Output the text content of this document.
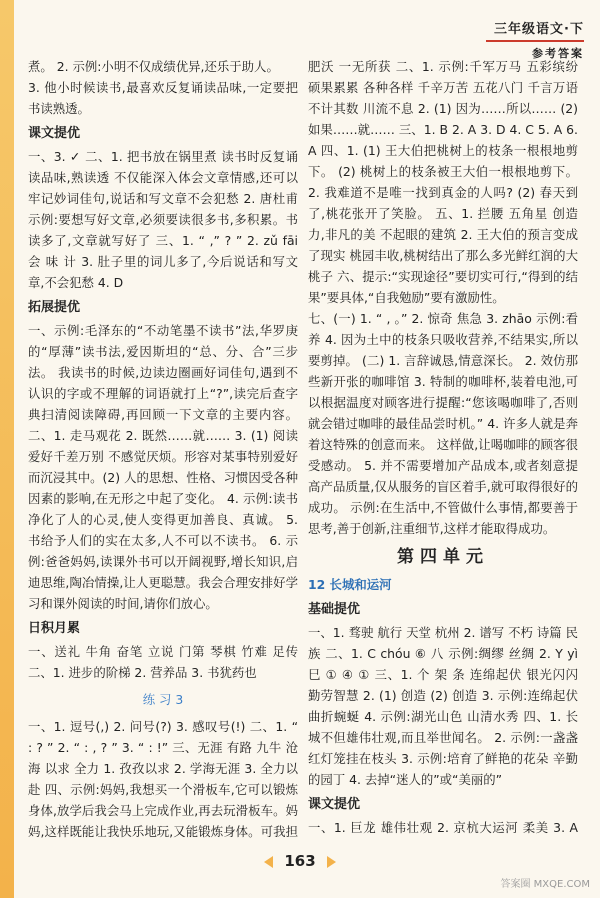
三年级语文·下
参考答案

煮。 2. 示例:小明不仅成绩优异,还乐于助人。

3. 他小时候读书,最喜欢反复诵读品味,一定要把书读熟透。

课文提优

一、3. ✓ 二、1. 把书放在锅里煮 读书时反复诵读品味,熟读透 不仅能深入体会文章情感,还可以牢记妙词佳句,说话和写文章不会犯愁 2. 唐杜甫 示例:要想写好文章,必须要读很多书,多积累。书读多了,文章就写好了 三、1. “ ,” ? ” 2. zǔ fāi 会 味 计 3. 肚子里的词儿多了,今后说话和写文章,不会犯愁 4. D

拓展提优

一、示例:毛泽东的“不动笔墨不读书”法,华罗庚的“厚薄”读书法,爱因斯坦的“总、分、合”三步法。 我读书的时候,边读边圈画好词佳句,遇到不认识的字或不理解的词语就打上“?”,读完后查字典扫清阅读障碍,再回顾一下文章的主要内容。 二、1. 走马观花 2. 既然……就…… 3. (1) 阅读爱好千差万别 不感觉厌烦。形容对某事特别爱好而沉浸其中。(2) 人的思想、性格、习惯因受各种因素的影响,在无形之中起了变化。 4. 示例:读书净化了人的心灵,使人变得更加善良、真诚。 5. 书给予人们的实在太多,人不可以不读书。 6. 示例:爸爸妈妈,读课外书可以开阔视野,增长知识,启迪思维,陶冶情操,让人更聪慧。我会合理安排好学习和课外阅读的时间,请你们放心。

日积月累

一、送礼 牛角 奋笔 立说 门第 琴棋 竹难 足传 二、1. 进步的阶梯 2. 营养品 3. 书犹药也

练 习 3

一、1. 逗号(,) 2. 问号(?) 3. 感叹号(!) 二、1. “ : ? ” 2. “ : , ? ” 3. “ : !” 三、无涯 有路 九牛 沧海 以求 全力 1. 孜孜以求 2. 学海无涯 3. 全力以赴 四、示例:妈妈,我想买一个滑板车,它可以锻炼身体,放学后我会马上完成作业,再去玩滑板车。妈妈,这样既能让我快乐地玩,又能锻炼身体。可我担

肥沃 一无所获 二、1. 示例:千军万马 五彩缤纷 硕果累累 各种各样 千辛万苦 五花八门 千言万语 不计其数 川流不息 2. (1) 因为……所以…… (2) 如果……就…… 三、1. B 2. A 3. D 4. C 5. A 6. A 四、1. (1) 王大伯把桃树上的枝条一根根地剪下。 (2) 桃树上的枝条被王大伯一根根地剪下。 2. 我难道不是唯一找到真金的人吗? (2) 春天到了,桃花张开了笑脸。 五、1. 拦腰 五角星 创造力,非凡的美 不起眼的建筑 2. 王大伯的预言变成了现实 桃园丰收,桃树结出了那么多光鲜红润的大桃子 六、提示:“实现途径”要切实可行,“得到的结果”要具体,“自我勉励”要有激励性。

七、(一) 1. “ , 。” 2. 惊奇 焦急 3. zhāo 示例:看养 4. 因为土中的枝条只吸收营养,不结果实,所以要剪掉。 (二) 1. 言辞诚恳,情意深长。 2. 效仿那些新开张的咖啡馆 3. 特制的咖啡杯,装着电池,可以根据温度对顾客进行提醒:“您该喝咖啡了,否则就会错过咖啡的最佳品尝时机。” 4. 许多人就是奔着这特殊的创意而来。 这样做,让喝咖啡的顾客很受感动。 5. 并不需要增加产品成本,或者刻意提高产品质量,仅从服务的盲区着手,就可取得很好的成功。 示例:在生活中,不管做什么事情,都要善于思考,善于创新,注重细节,这样才能取得成功。

第四单元
12 长城和运河
基础提优

一、1. 骛驶 航行 天堂 杭州 2. 谱写 不朽 诗篇 民族 二、1. C chóu ⑥ 八 示例:绸缪 丝绸 2. Y yì 巳 ① ④ ① 三、1. 个 架 条 连绵起伏 银光闪闪 勤劳智慧 2. (1) 创造 (2) 创造 3. 示例:连绵起伏 曲折蜿蜒 4. 示例:湖光山色 山清水秀 四、1. 长城不但雄伟壮观,而且举世闻名。 2. 示例:一盏盏红灯笼挂在枝头 3. 示例:培育了鲜艳的花朵 辛勤的园丁 4. 去掉“迷人的”或“美丽的”

课文提优

一、1. 巨龙 雄伟壮观 2. 京杭大运河 柔美 3. A

163
答案圈 MXQE.COM
